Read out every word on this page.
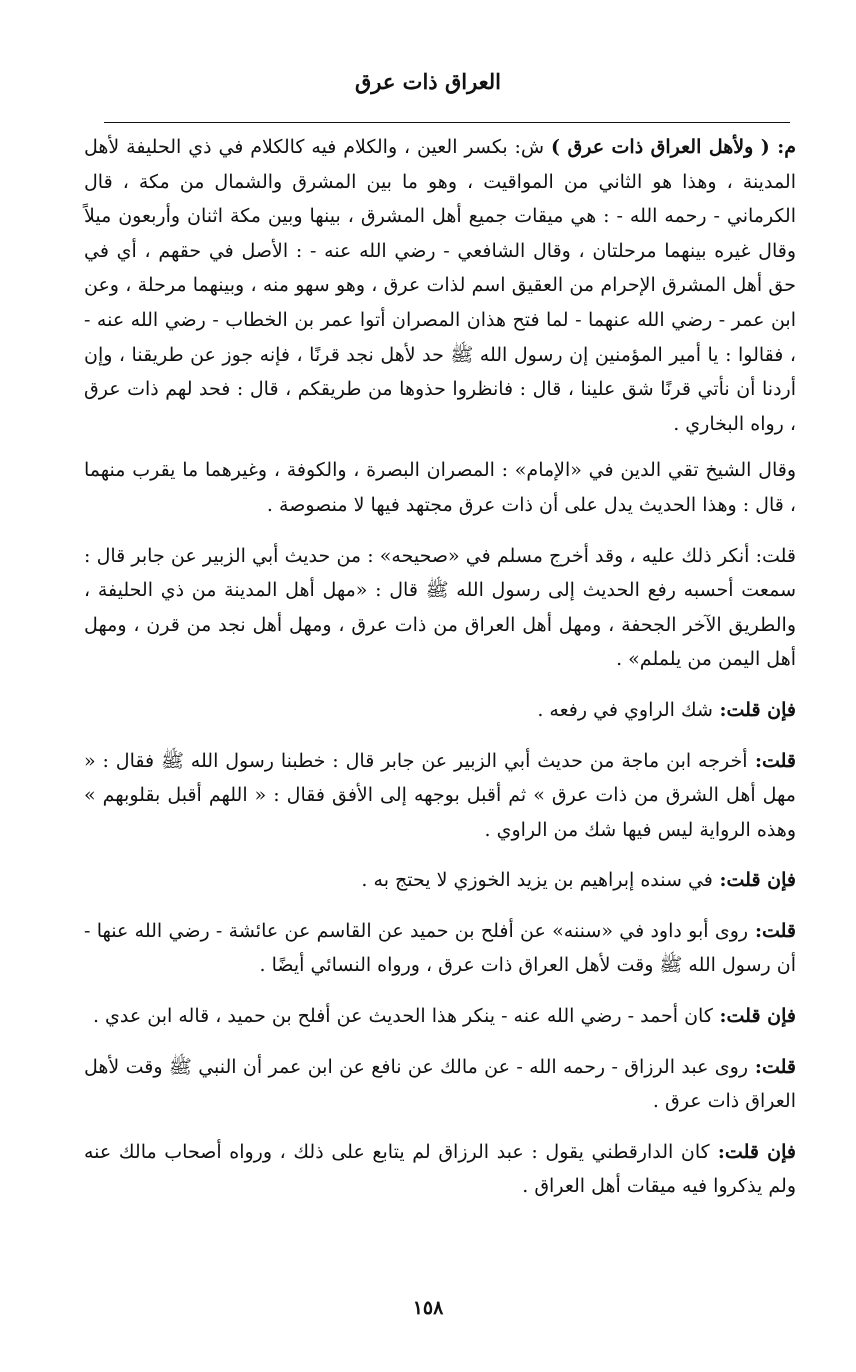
العراق ذات عرق

م: ( ولأهل العراق ذات عرق ) ش: بكسر العين ، والكلام فيه كالكلام في ذي الحليفة لأهل المدينة ، وهذا هو الثاني من المواقيت ، وهو ما بين المشرق والشمال من مكة ، قال الكرماني - رحمه الله - : هي ميقات جميع أهل المشرق ، بينها وبين مكة اثنان وأربعون ميلاً وقال غيره بينهما مرحلتان ، وقال الشافعي - رضي الله عنه - : الأصل في حقهم ، أي في حق أهل المشرق الإحرام من العقيق اسم لذات عرق ، وهو سهو منه ، وبينهما مرحلة ، وعن ابن عمر - رضي الله عنهما - لما فتح هذان المصران أتوا عمر بن الخطاب - رضي الله عنه - ، فقالوا : يا أمير المؤمنين إن رسول الله ﷺ حد لأهل نجد قرنًا ، فإنه جوز عن طريقنا ، وإن أردنا أن نأتي قرنًا شق علينا ، قال : فانظروا حذوها من طريقكم ، قال : فحد لهم ذات عرق ، رواه البخاري .

وقال الشيخ تقي الدين في «الإمام» : المصران البصرة ، والكوفة ، وغيرهما ما يقرب منهما ، قال : وهذا الحديث يدل على أن ذات عرق مجتهد فيها لا منصوصة .

قلت: أنكر ذلك عليه ، وقد أخرج مسلم في «صحيحه» : من حديث أبي الزبير عن جابر قال : سمعت أحسبه رفع الحديث إلى رسول الله ﷺ قال : «مهل أهل المدينة من ذي الحليفة ، والطريق الآخر الجحفة ، ومهل أهل العراق من ذات عرق ، ومهل أهل نجد من قرن ، ومهل أهل اليمن من يلملم» .

فإن قلت: شك الراوي في رفعه .

قلت: أخرجه ابن ماجة من حديث أبي الزبير عن جابر قال : خطبنا رسول الله ﷺ فقال : « مهل أهل الشرق من ذات عرق » ثم أقبل بوجهه إلى الأفق فقال : « اللهم أقبل بقلوبهم » وهذه الرواية ليس فيها شك من الراوي .

فإن قلت: في سنده إبراهيم بن يزيد الخوزي لا يحتج به .

قلت: روى أبو داود في «سننه» عن أفلح بن حميد عن القاسم عن عائشة - رضي الله عنها - أن رسول الله ﷺ وقت لأهل العراق ذات عرق ، ورواه النسائي أيضًا .

فإن قلت: كان أحمد - رضي الله عنه - ينكر هذا الحديث عن أفلح بن حميد ، قاله ابن عدي .

قلت: روى عبد الرزاق - رحمه الله - عن مالك عن نافع عن ابن عمر أن النبي ﷺ وقت لأهل العراق ذات عرق .

فإن قلت: كان الدارقطني يقول : عبد الرزاق لم يتابع على ذلك ، ورواه أصحاب مالك عنه ولم يذكروا فيه ميقات أهل العراق .

١٥٨
